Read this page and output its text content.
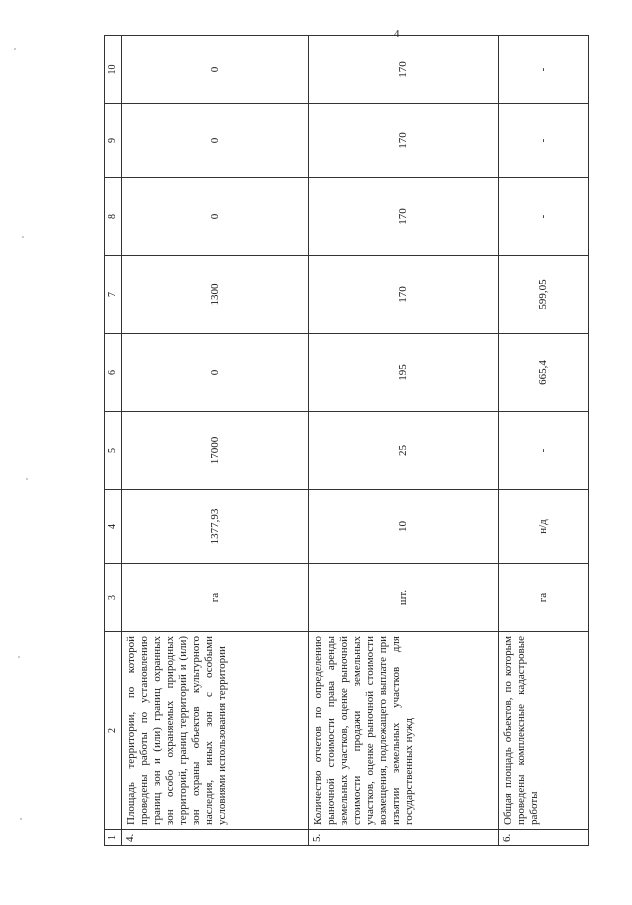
4
1	2	3	4	5	6	7	8	9	10
4.	Площадь территории, по которой проведены работы по установлению границ зон и (или) границ охранных зон особо охраняемых природных территорий, границ территорий и (или) зон охраны объектов культурного наследия, иных зон с особыми условиями использования территории	га	1377,93	17000	0	1300	0	0	0
5.	Количество отчетов по определению рыночной стоимости права аренды земельных участков, оценке рыночной стоимости продажи земельных участков, оценке рыночной стоимости возмещения, подлежащего выплате при изъятии земельных участков для государственных нужд	шт.	10	25	195	170	170	170	170
6.	Общая площадь объектов, по которым проведены комплексные кадастровые работы	га	н/д	-	665,4	599,05	-	-	-
